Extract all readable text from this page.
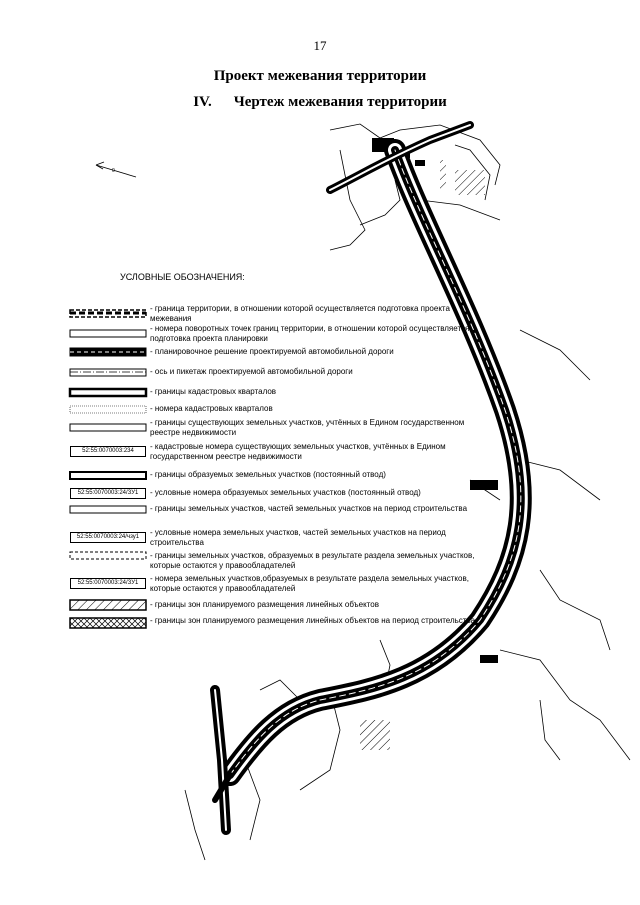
0
17
Проект межевания территории
IV. Чертеж межевания территории
УСЛОВНЫЕ ОБОЗНАЧЕНИЯ:
- граница территории, в отношении которой осуществляется подготовка проекта межевания
- номера поворотных точек границ территории, в отношении которой осуществляется подготовка проекта планировки
- планировочное решение проектируемой автомобильной дороги
- ось и пикетаж проектируемой автомобильной дороги
- границы кадастровых кварталов
- номера кадастровых кварталов
- границы существующих земельных участков, учтённых в Едином государственном реестре недвижимости
52:55:0070003:234	- кадастровые номера существующих земельных участков, учтённых в Едином государственном реестре недвижимости
- границы образуемых земельных участков (постоянный отвод)
52:55:0070003:24/ЗУ1	- условные номера образуемых земельных участков (постоянный отвод)
- границы земельных участков, частей земельных участков на период строительства
52:55:0070003:24/чзу1	- условные номера земельных участков, частей земельных участков на период строительства
- границы земельных участков, образуемых в результате раздела земельных участков, которые остаются у правообладателей
52:55:0070003:24/ЗУ1	- номера земельных участков,образуемых в результате раздела земельных участков, которые остаются у правообладателей
- границы зон планируемого размещения линейных объектов
- границы зон планируемого размещения линейных объектов на период строительства
